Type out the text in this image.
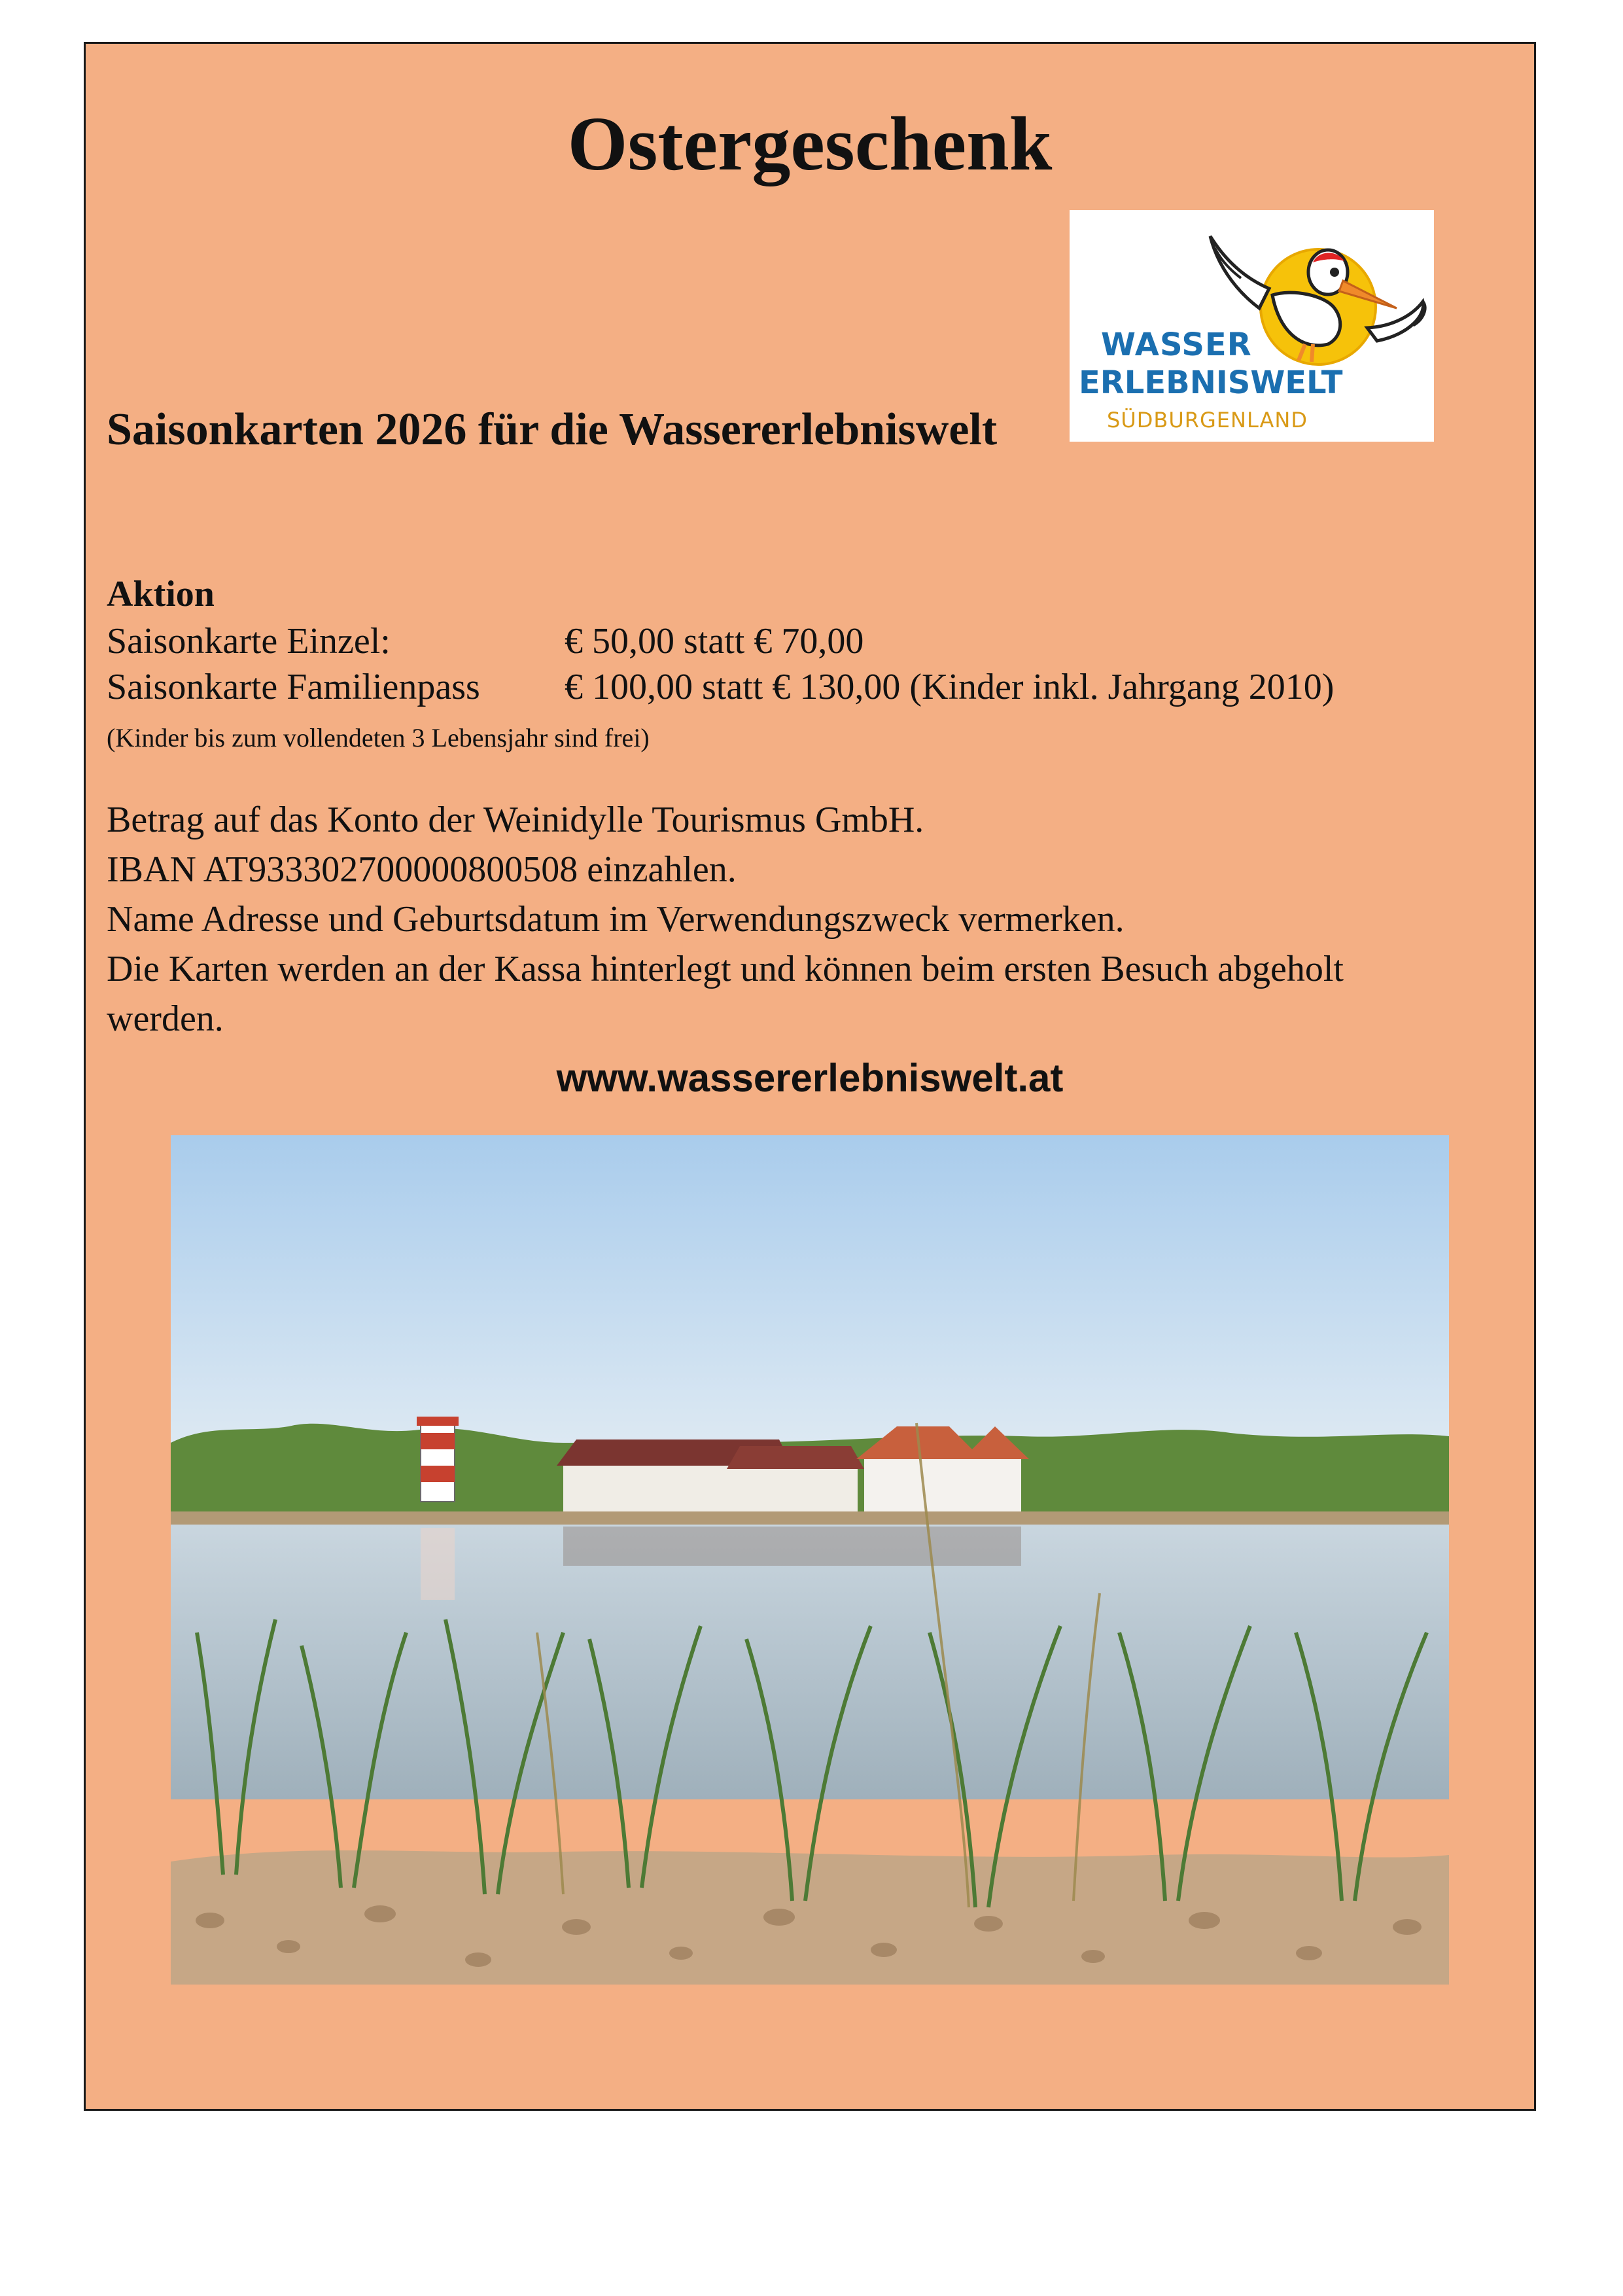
Ostergeschenk
WASSER
ERLEBNISWELT
SÜDBURGENLAND
Saisonkarten 2026 für die Wassererlebniswelt
Aktion
Saisonkarte Einzel:	€ 50,00 statt € 70,00
Saisonkarte Familienpass € 100,00 statt € 130,00 (Kinder inkl. Jahrgang 2010)
(Kinder bis zum vollendeten 3 Lebensjahr sind frei)
Betrag auf das Konto der Weinidylle Tourismus GmbH.
IBAN AT933302700000800508 einzahlen.
Name Adresse und Geburtsdatum im Verwendungszweck vermerken.
Die Karten werden an der Kassa hinterlegt und können beim ersten Besuch abgeholt
werden.
www.wassererlebniswelt.at
